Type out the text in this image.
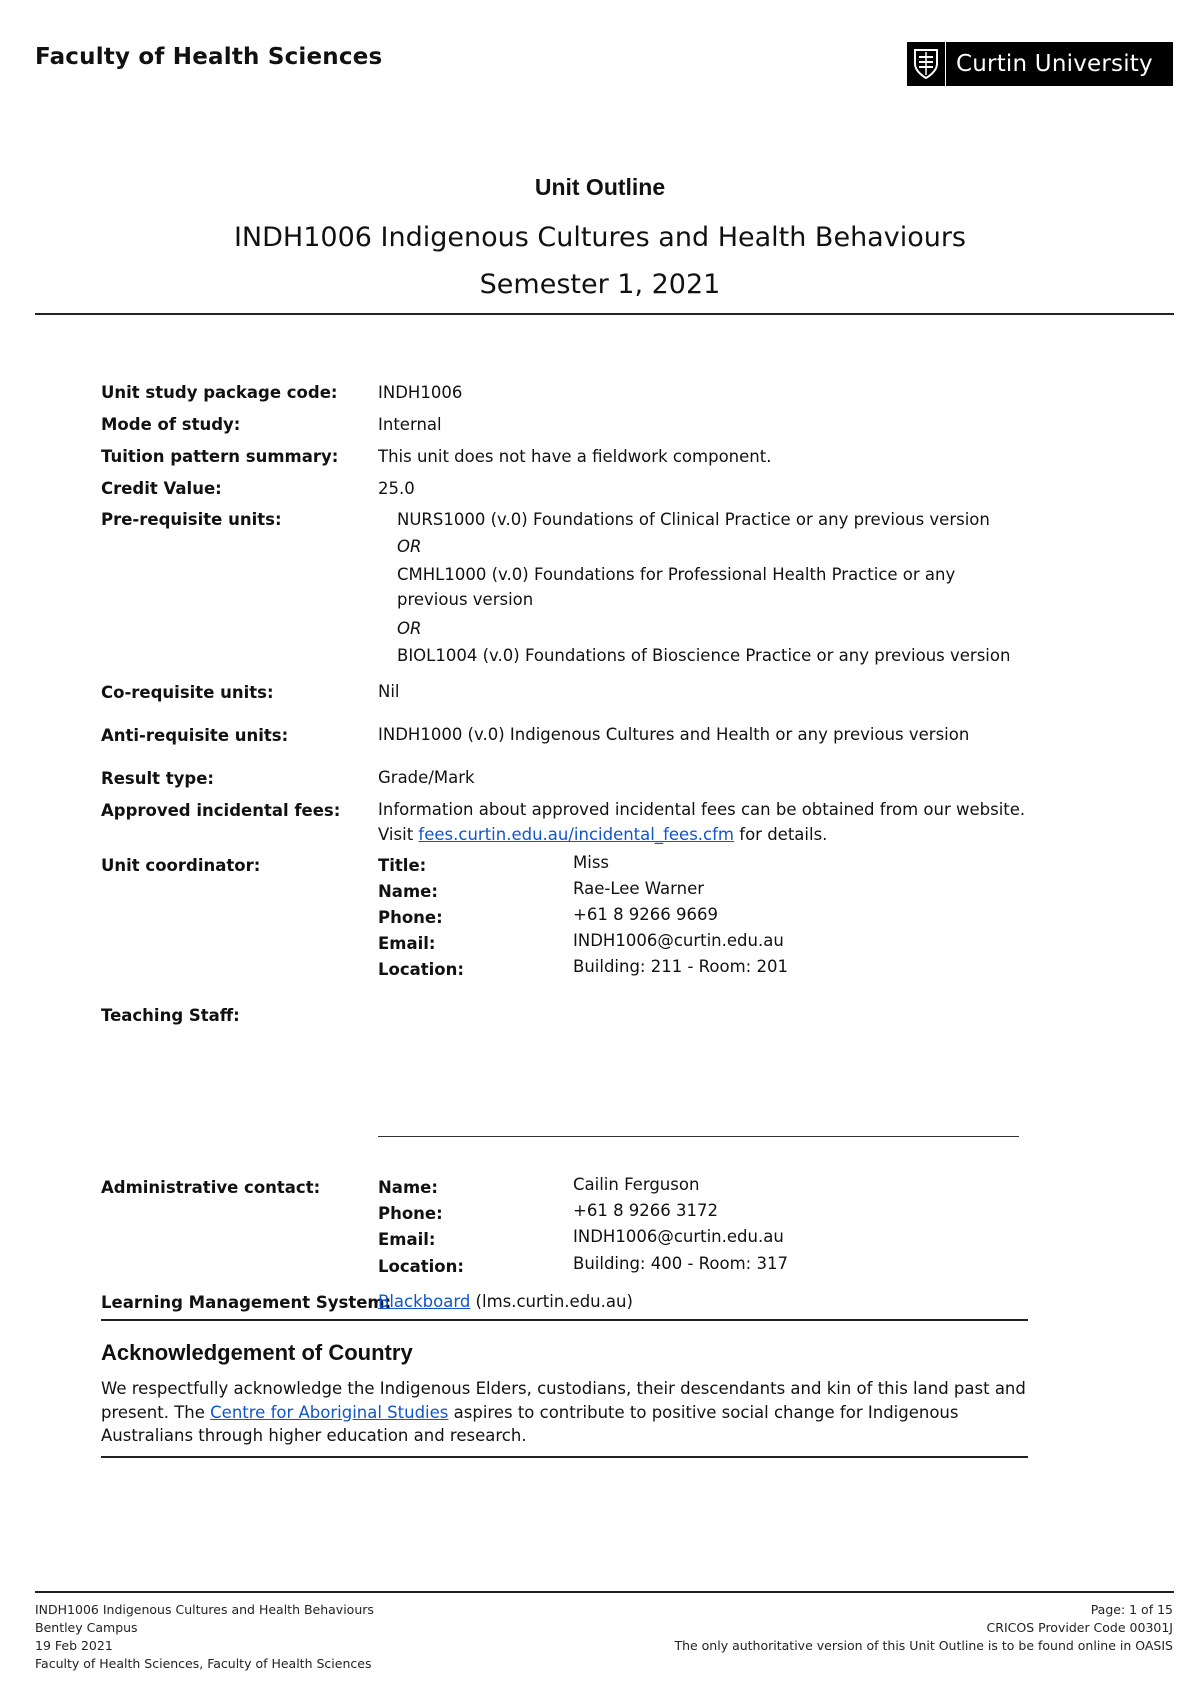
Faculty of Health Sciences	Curtin University
Unit Outline
INDH1006 Indigenous Cultures and Health Behaviours
Semester 1, 2021
Unit study package code: INDH1006
Mode of study:	Internal
Tuition pattern summary: This unit does not have a fieldwork component.
Credit Value:	25.0
Pre-requisite units:	NURS1000 (v.0) Foundations of Clinical Practice or any previous version
OR
CMHL1000 (v.0) Foundations for Professional Health Practice or any previous version
OR
BIOL1004 (v.0) Foundations of Bioscience Practice or any previous version
Co-requisite units:	Nil
Anti-requisite units:	INDH1000 (v.0) Indigenous Cultures and Health or any previous version
Result type:	Grade/Mark
Approved incidental fees: Information about approved incidental fees can be obtained from our website.
Visit fees.curtin.edu.au/incidental_fees.cfm for details.
Unit coordinator:	Title:	Miss
Name:	Rae-Lee Warner
Phone:	+61 8 9266 9669
Email:	INDH1006@curtin.edu.au
Location:	Building: 211 - Room: 201
Teaching Staff:
Administrative contact:	Name:	Cailin Ferguson
Phone:	+61 8 9266 3172
Email:	INDH1006@curtin.edu.au
Location:	Building: 400 - Room: 317
Learning Management System:
Blackboard (lms.curtin.edu.au)
Acknowledgement of Country
We respectfully acknowledge the Indigenous Elders, custodians, their descendants and kin of this land past and present. The Centre for Aboriginal Studies aspires to contribute to positive social change for Indigenous Australians through higher education and research.
INDH1006 Indigenous Cultures and Health Behaviours
Bentley Campus
19 Feb 2021
Faculty of Health Sciences, Faculty of Health Sciences
Page: 1 of 15
CRICOS Provider Code 00301J
The only authoritative version of this Unit Outline is to be found online in OASIS
